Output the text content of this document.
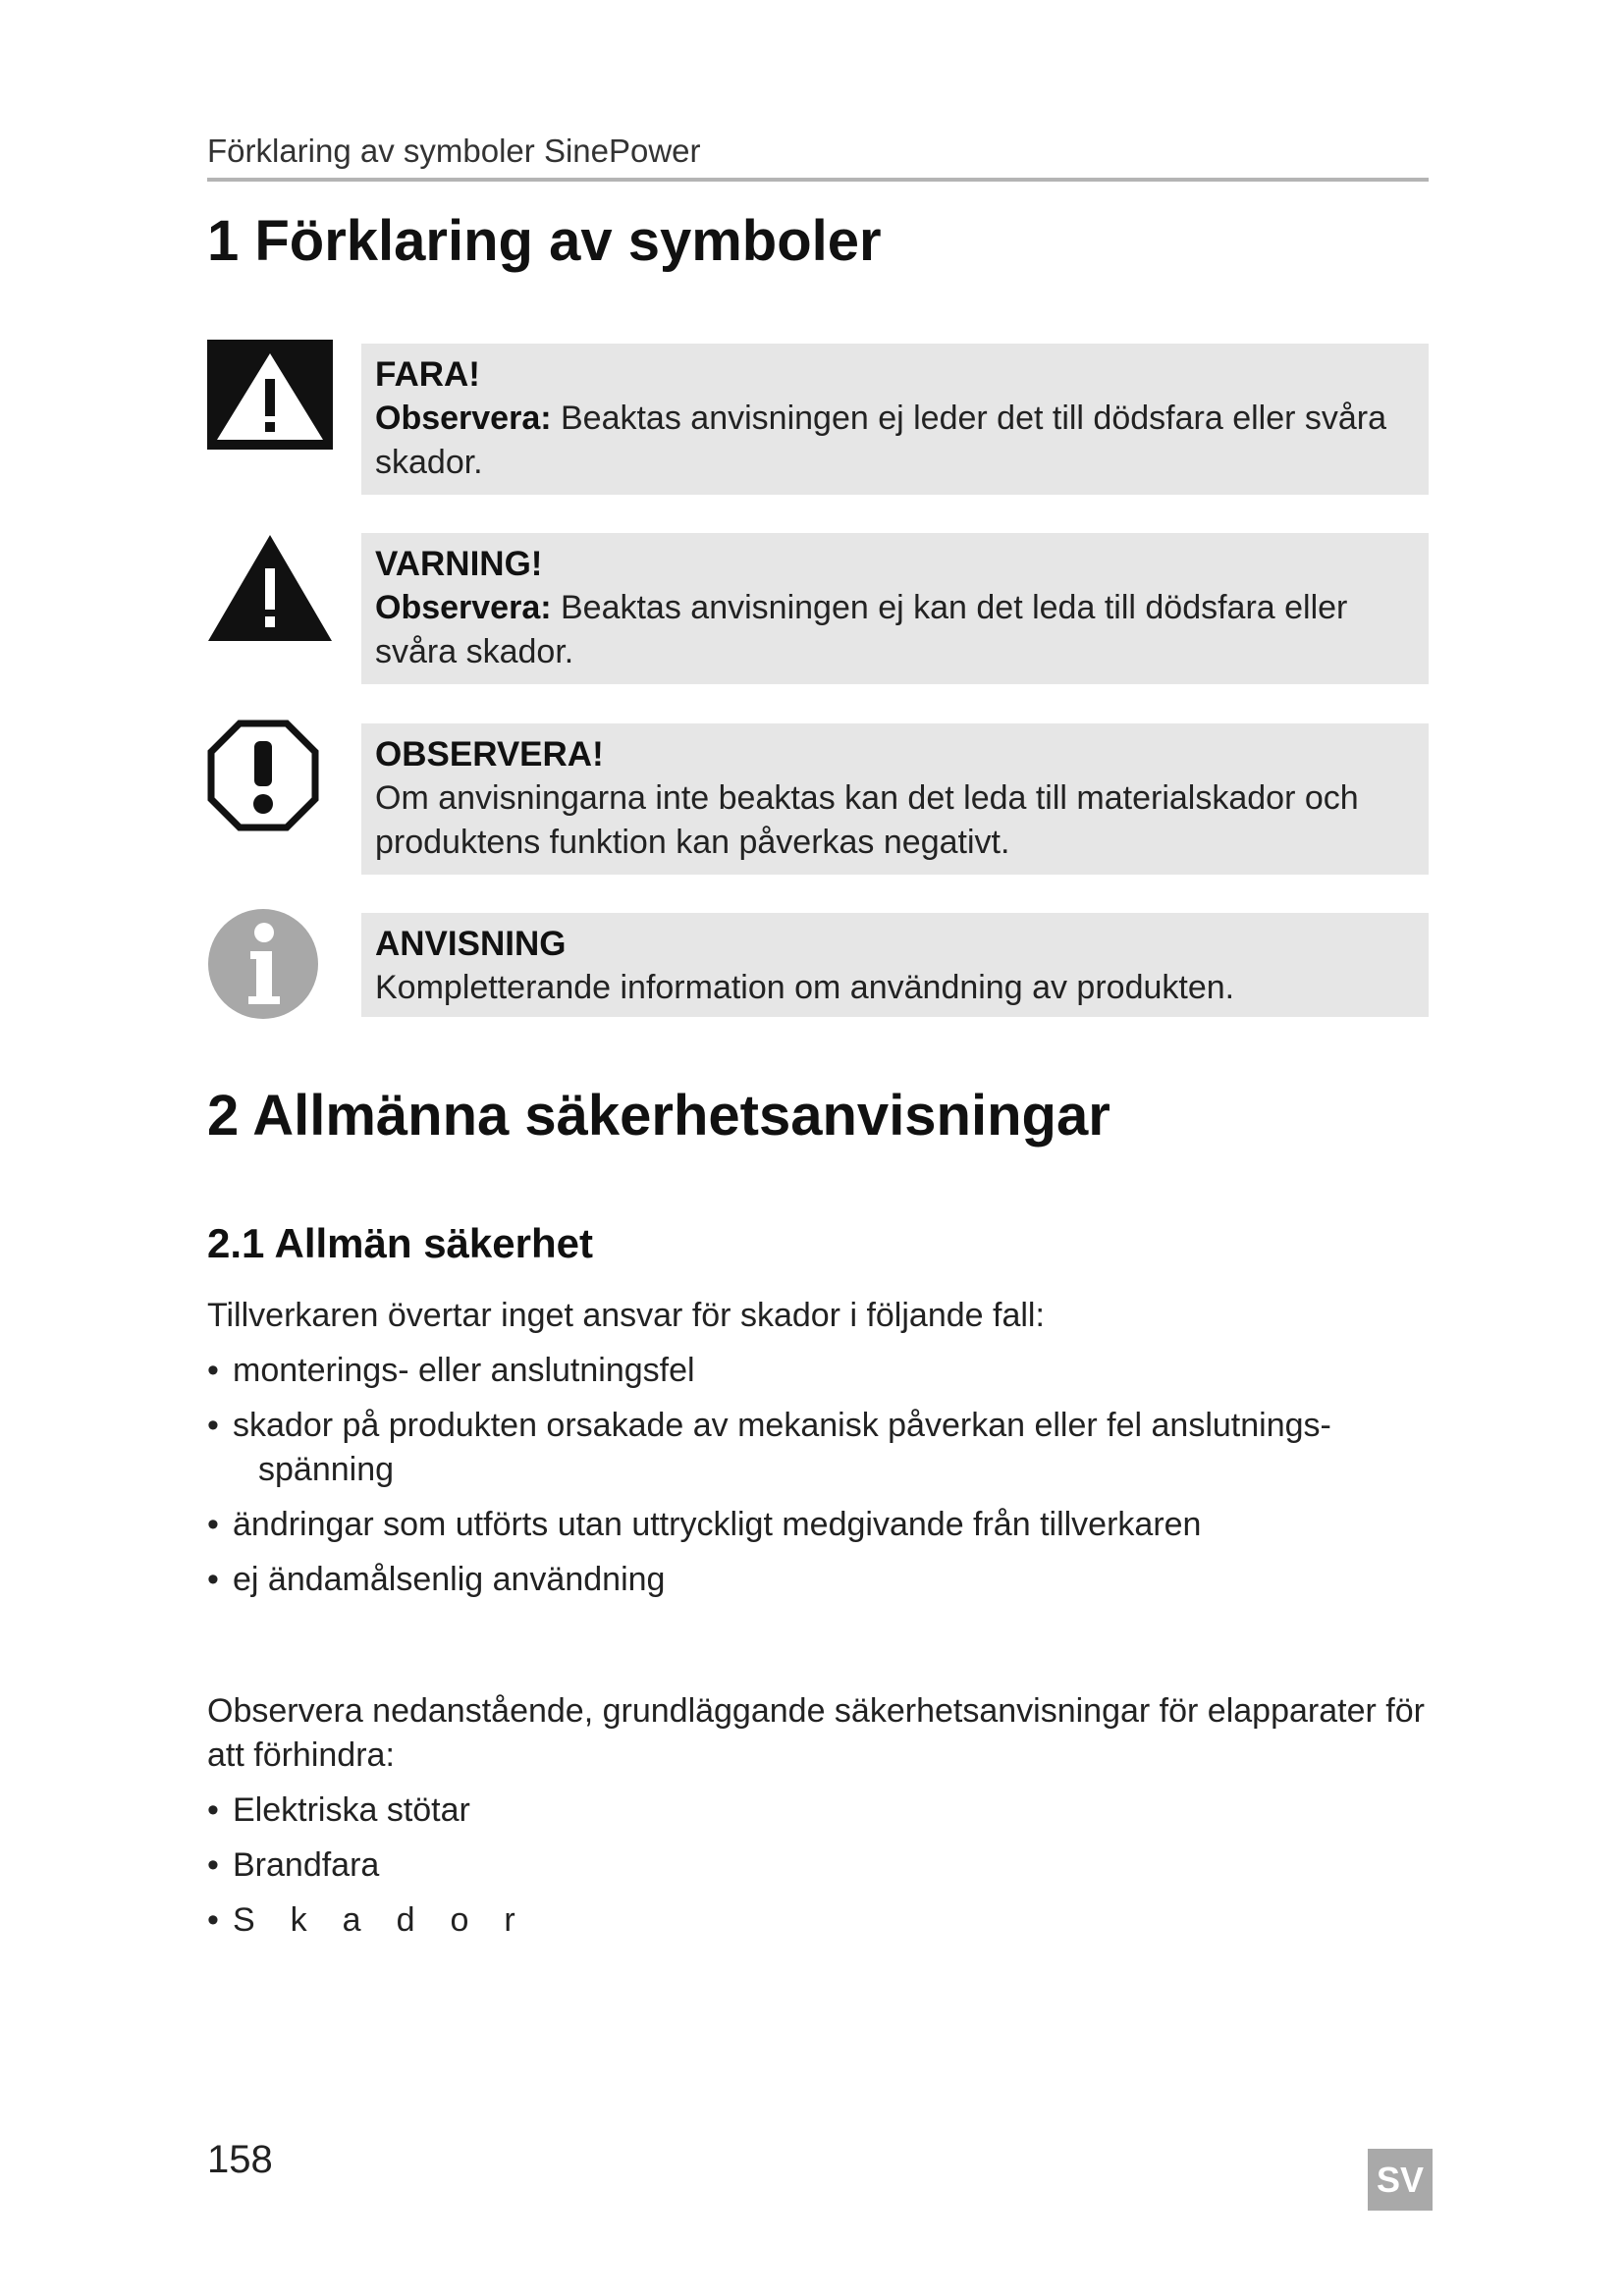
Förklaring av symboler SinePower
1 Förklaring av symboler
FARA!
Observera: Beaktas anvisningen ej leder det till dödsfara eller svåra skador.
VARNING!
Observera: Beaktas anvisningen ej kan det leda till dödsfara eller svåra skador.
OBSERVERA!
Om anvisningarna inte beaktas kan det leda till materialskador och produktens funktion kan påverkas negativt.
ANVISNING
Kompletterande information om användning av produkten.
2 Allmänna säkerhetsanvisningar
2.1 Allmän säkerhet

Tillverkaren övertar inget ansvar för skador i följande fall:

• monterings- eller anslutningsfel
• skador på produkten orsakade av mekanisk påverkan eller fel anslutnings-
spänning
• ändringar som utförts utan uttryckligt medgivande från tillverkaren
• ej ändamålsenlig användning

Observera nedanstående, grundläggande säkerhetsanvisningar för elapparater för att förhindra:

• Elektriska stötar
• Brandfara
• Skador
158	SV
